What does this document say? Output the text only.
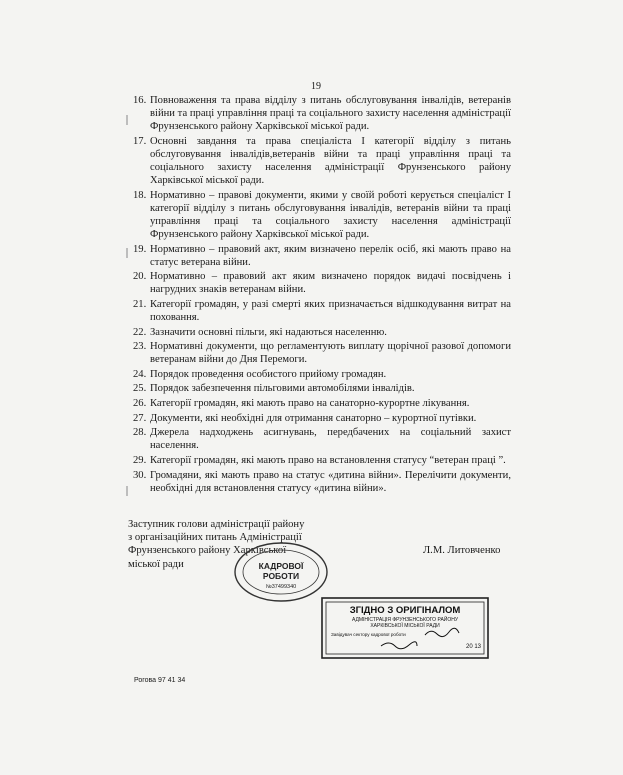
19
16. Повноваження та права відділу з питань обслуговування інвалідів, ветеранів війни та праці управління праці та соціального захисту населення адміністрації Фрунзенського району Харківської міської ради.
17. Основні завдання та права спеціаліста I категорії відділу з питань обслуговування інвалідів,ветеранів війни та праці управління праці та соціального захисту населення адміністрації Фрунзенського району Харківської міської ради.
18. Нормативно – правові документи, якими у своїй роботі керується спеціаліст I категорії відділу з питань обслуговування інвалідів, ветеранів війни та праці управління праці та соціального захисту населення адміністрації Фрунзенського району Харківської міської ради.
19. Нормативно – правовий акт, яким визначено перелік осіб, які мають право на статус ветерана війни.
20. Нормативно – правовий акт яким визначено порядок видачі посвідчень і нагрудних знаків ветеранам війни.
21. Категорії громадян, у разі смерті яких призначається відшкодування витрат на поховання.
22. Зазначити основні пільги, які надаються населенню.
23. Нормативні документи, що регламентують виплату щорічної разової допомоги ветеранам війни до Дня Перемоги.
24. Порядок проведення особистого прийому громадян.
25. Порядок забезпечення пільговими автомобілями інвалідів.
26. Категорії громадян, які мають право на санаторно-курортне лікування.
27. Документи, які необхідні для отримання санаторно – курортної путівки.
28. Джерела надходжень асигнувань, передбачених на соціальний захист населення.
29. Категорії громадян, які мають право на встановлення статусу “ветеран праці ”.
30. Громадяни, які мають право на статус «дитина війни». Перелічити документи, необхідні для встановлення статусу «дитина війни».
Заступник голови адміністрації району
з організаційних питань Адміністрації
Фрунзенського району Харківської
міської ради
Л.М. Литовченко
КАДРОВОЇ
РОБОТИ
№37499340
ЗГІДНО З ОРИГІНАЛОМ
АДМІНІСТРАЦІЯ ФРУНЗЕНСЬКОГО РАЙОНУ
ХАРКІВСЬКОЇ МІСЬКОЇ РАДИ
Завідувач сектору кадрової роботи
20 13
Рогова 97 41 34
